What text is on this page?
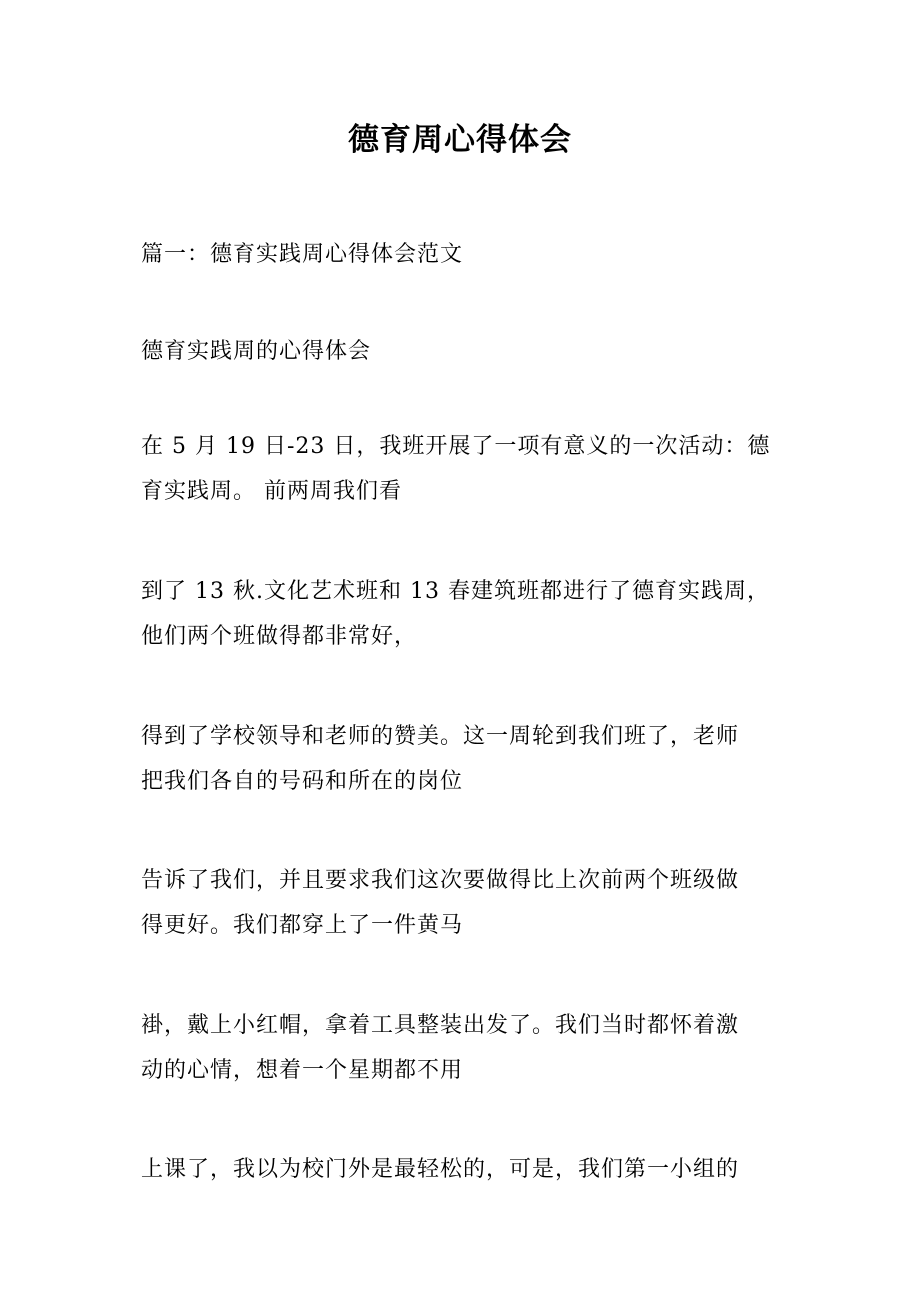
德育周心得体会
篇一：德育实践周心得体会范文
德育实践周的心得体会
在 5 月 19 日-23 日，我班开展了一项有意义的一次活动：德
育实践周。 前两周我们看
到了 13 秋.文化艺术班和 13 春建筑班都进行了德育实践周，
他们两个班做得都非常好，
得到了学校领导和老师的赞美。这一周轮到我们班了，老师
把我们各自的号码和所在的岗位
告诉了我们，并且要求我们这次要做得比上次前两个班级做
得更好。我们都穿上了一件黄马
褂，戴上小红帽，拿着工具整装出发了。我们当时都怀着激
动的心情，想着一个星期都不用
上课了，我以为校门外是最轻松的，可是，我们第一小组的
